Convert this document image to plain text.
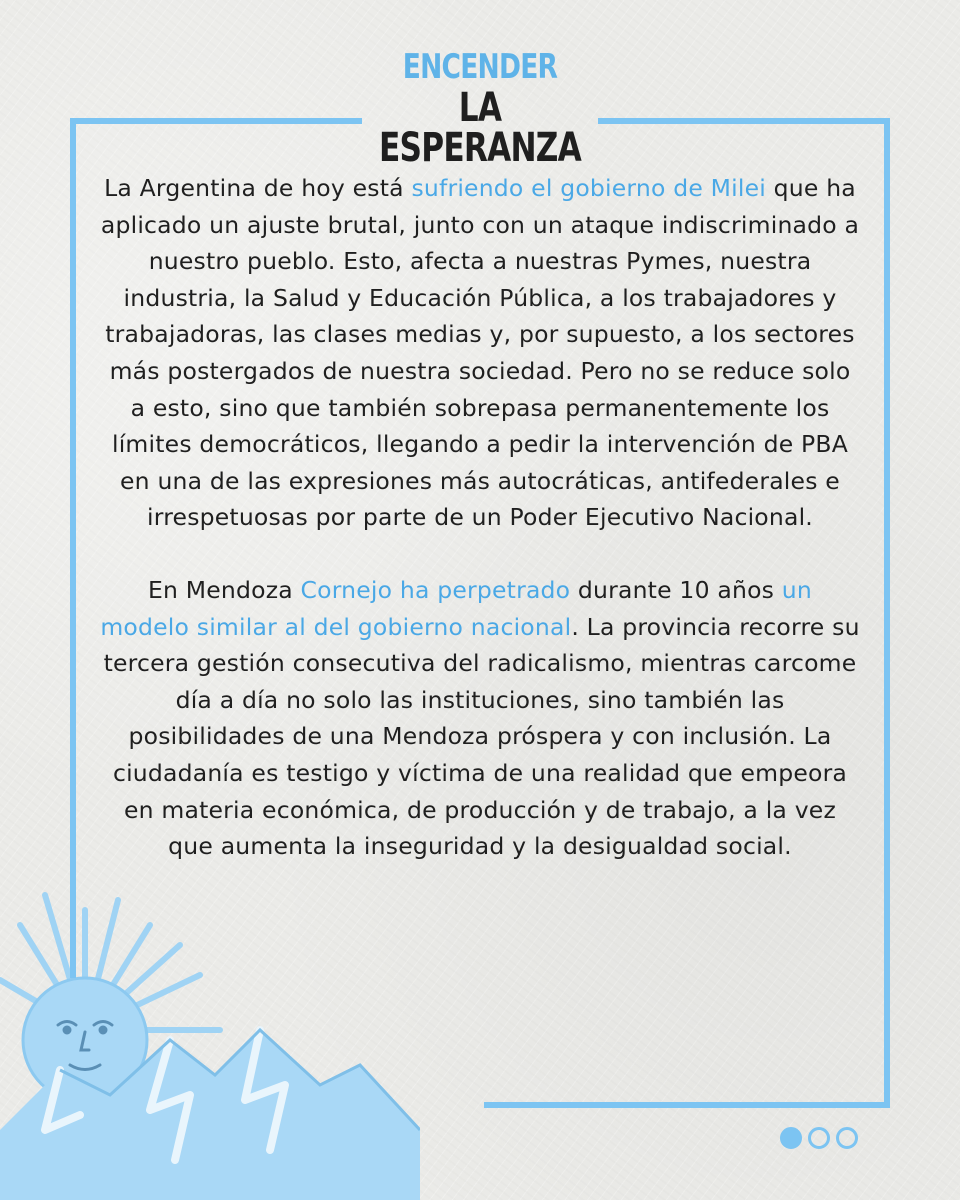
ENCENDER
LA ESPERANZA

La Argentina de hoy está sufriendo el gobierno de Milei que ha aplicado un ajuste brutal, junto con un ataque indiscriminado a nuestro pueblo. Esto, afecta a nuestras Pymes, nuestra industria, la Salud y Educación Pública, a los trabajadores y trabajadoras, las clases medias y, por supuesto, a los sectores más postergados de nuestra sociedad. Pero no se reduce solo a esto, sino que también sobrepasa permanentemente los límites democráticos, llegando a pedir la intervención de PBA en una de las expresiones más autocráticas, antifederales e irrespetuosas por parte de un Poder Ejecutivo Nacional.

En Mendoza Cornejo ha perpetrado durante 10 años un modelo similar al del gobierno nacional. La provincia recorre su tercera gestión consecutiva del radicalismo, mientras carcome día a día no solo las instituciones, sino también las posibilidades de una Mendoza próspera y con inclusión. La ciudadanía es testigo y víctima de una realidad que empeora en materia económica, de producción y de trabajo, a la vez que aumenta la inseguridad y la desigualdad social.
